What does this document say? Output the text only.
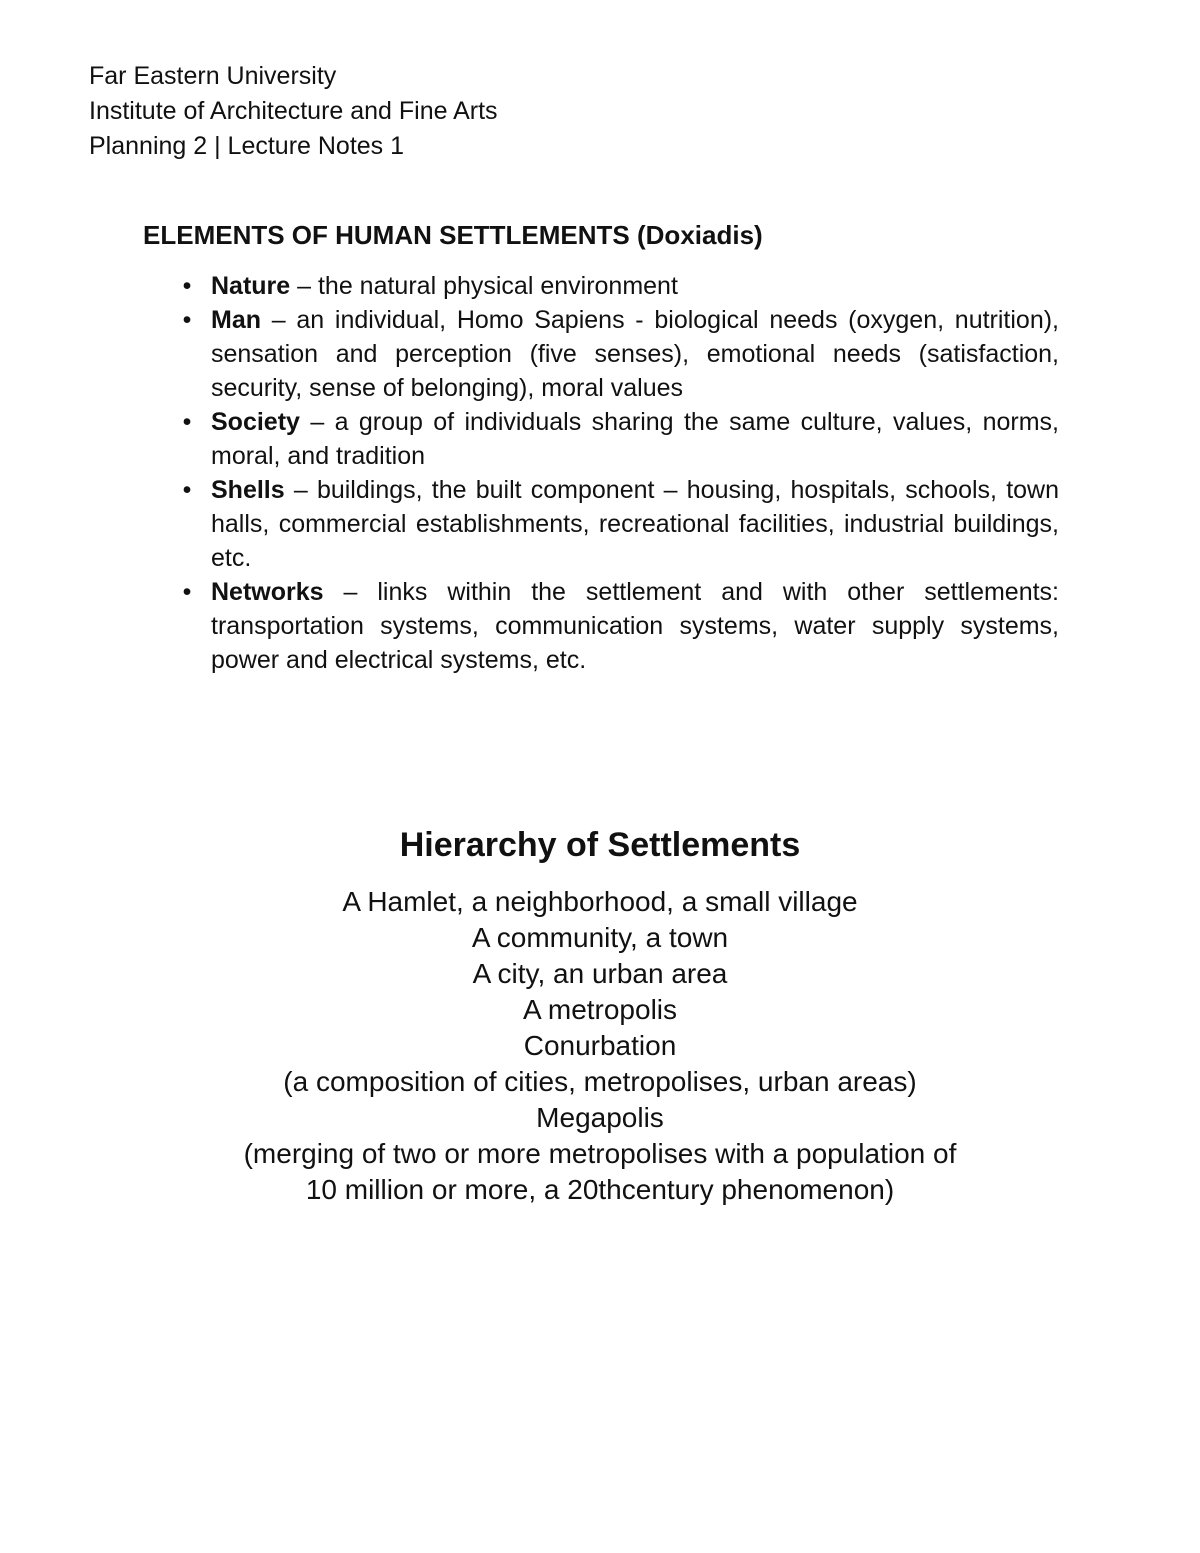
Far Eastern University
Institute of Architecture and Fine Arts
Planning 2 | Lecture Notes 1
ELEMENTS OF HUMAN SETTLEMENTS (Doxiadis)
• Nature – the natural physical environment
• Man – an individual, Homo Sapiens - biological needs (oxygen, nutrition), sensation and perception (five senses), emotional needs (satisfaction, security, sense of belonging), moral values
• Society – a group of individuals sharing the same culture, values, norms, moral, and tradition
• Shells – buildings, the built component – housing, hospitals, schools, town halls, commercial establishments, recreational facilities, industrial buildings, etc.
• Networks – links within the settlement and with other settlements: transportation systems, communication systems, water supply systems, power and electrical systems, etc.
Hierarchy of Settlements
A Hamlet, a neighborhood, a small village
A community, a town
A city, an urban area
A metropolis
Conurbation
(a composition of cities, metropolises, urban areas)
Megapolis
(merging of two or more metropolises with a population of
10 million or more, a 20thcentury phenomenon)
